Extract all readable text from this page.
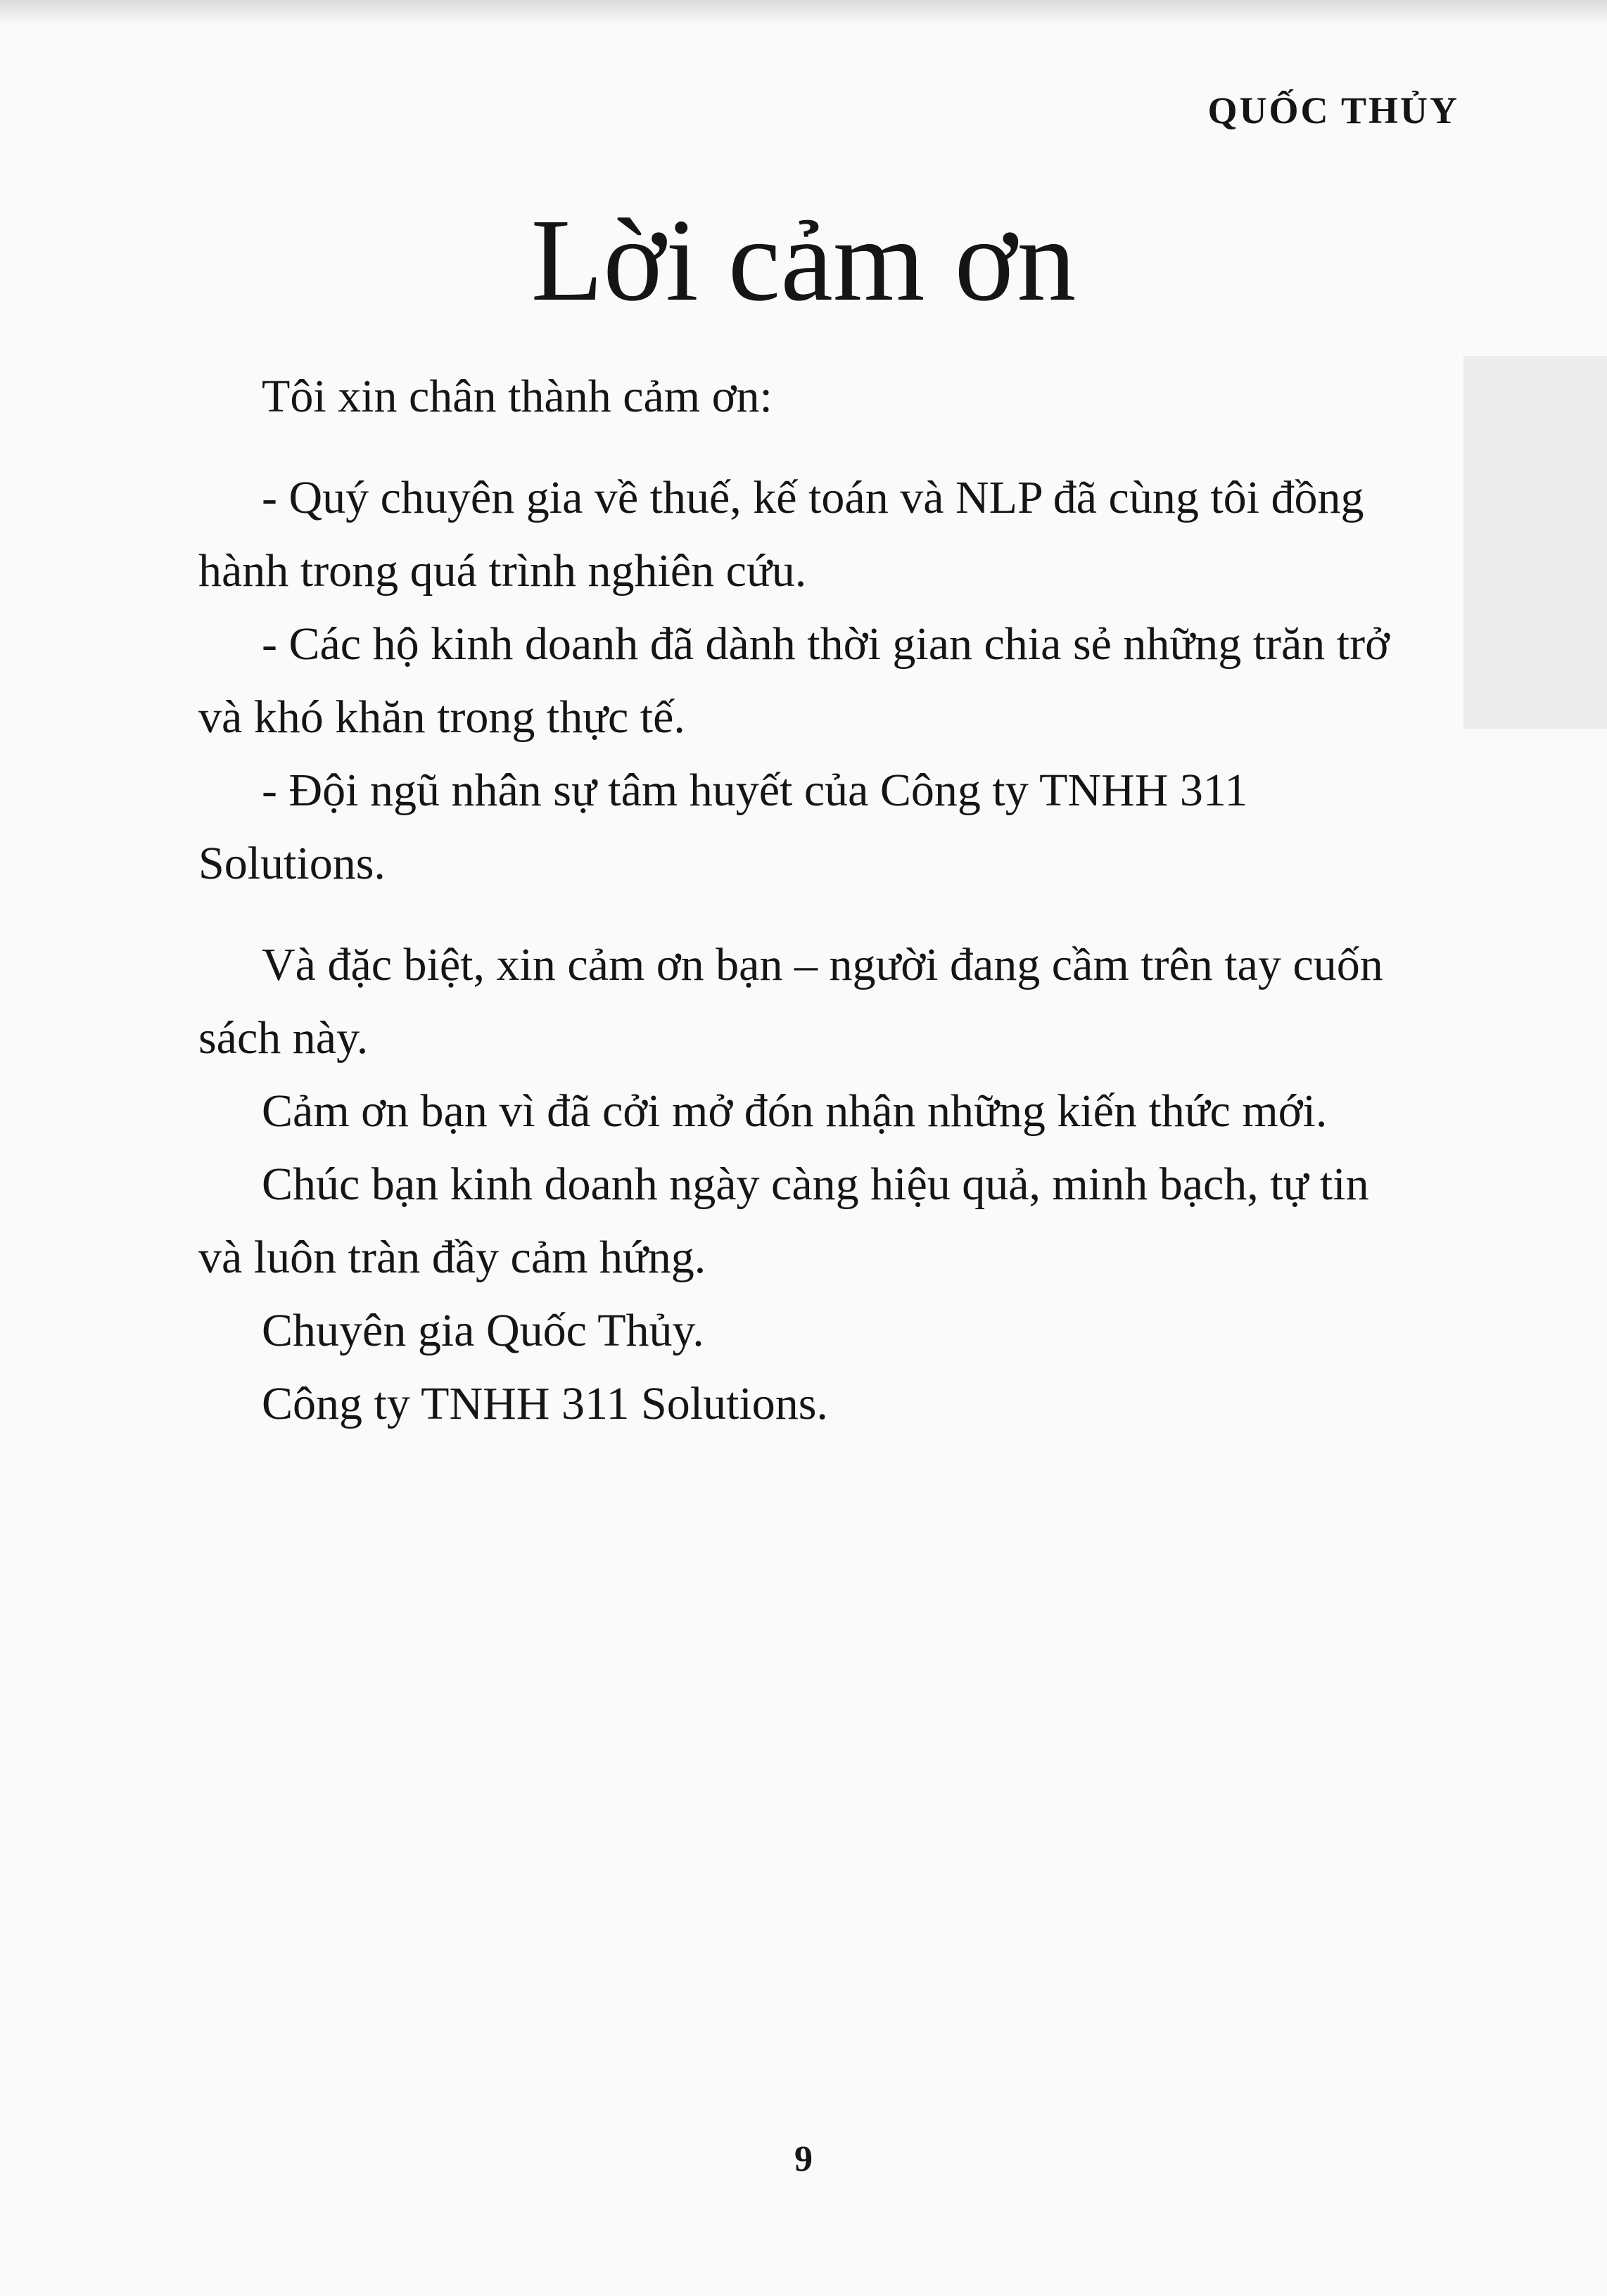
QUỐC THỦY
Lời cảm ơn

Tôi xin chân thành cảm ơn:

- Quý chuyên gia về thuế, kế toán và NLP đã cùng tôi đồng hành trong quá trình nghiên cứu.

- Các hộ kinh doanh đã dành thời gian chia sẻ những trăn trở và khó khăn trong thực tế.

- Đội ngũ nhân sự tâm huyết của Công ty TNHH 311 Solutions.

Và đặc biệt, xin cảm ơn bạn – người đang cầm trên tay cuốn sách này.

Cảm ơn bạn vì đã cởi mở đón nhận những kiến thức mới.

Chúc bạn kinh doanh ngày càng hiệu quả, minh bạch, tự tin và luôn tràn đầy cảm hứng.

Chuyên gia Quốc Thủy.

Công ty TNHH 311 Solutions.

9
